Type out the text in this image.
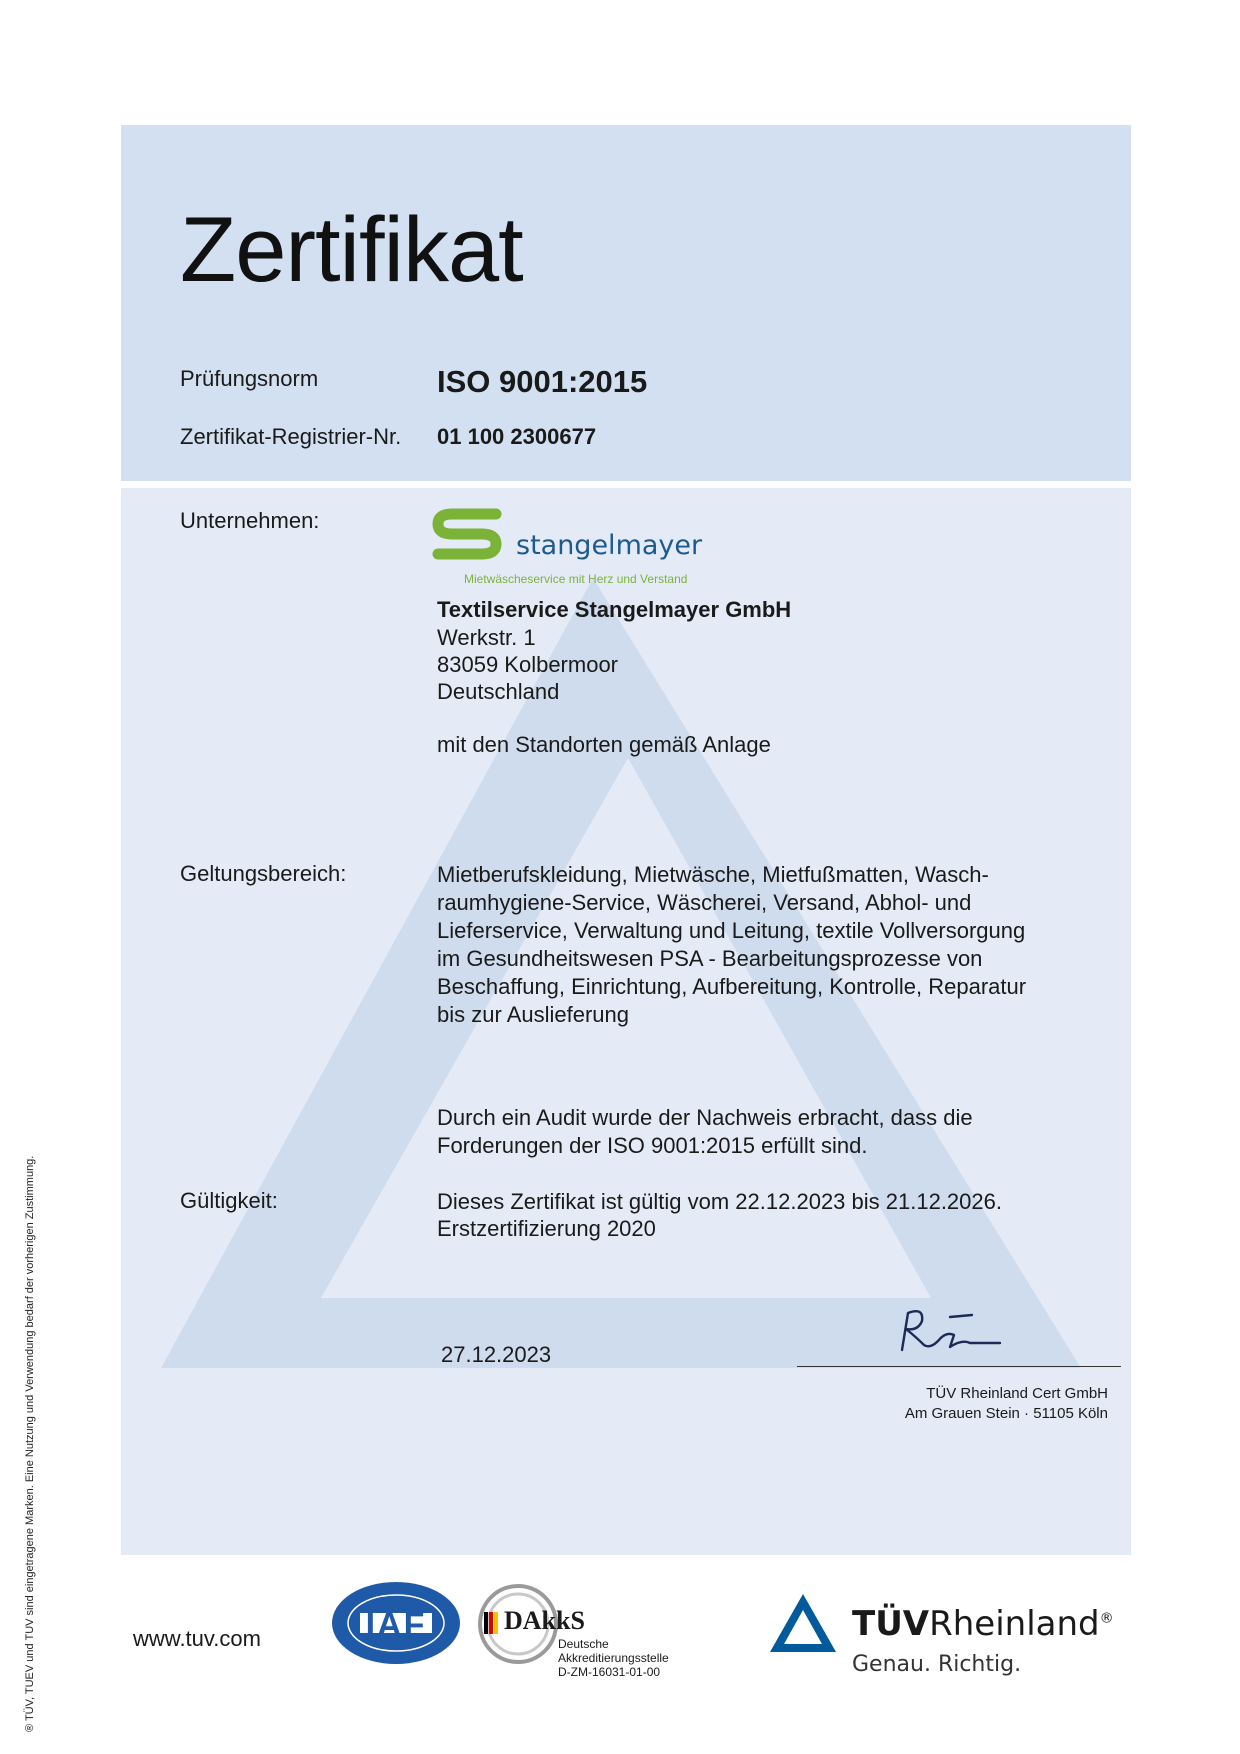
Zertifikat
Prüfungsnorm	ISO 9001:2015
Zertifikat-Registrier-Nr. 01 100 2300677
Unternehmen:
stangelmayer
Mietwäscheservice mit Herz und Verstand
Textilservice Stangelmayer GmbH
Werkstr. 1
83059 Kolbermoor
Deutschland
mit den Standorten gemäß Anlage
Geltungsbereich:	Mietberufskleidung, Mietwäsche, Mietfußmatten, Wasch-
raumhygiene-Service, Wäscherei, Versand, Abhol- und
Lieferservice, Verwaltung und Leitung, textile Vollversorgung
im Gesundheitswesen PSA - Bearbeitungsprozesse von
Beschaffung, Einrichtung, Aufbereitung, Kontrolle, Reparatur
bis zur Auslieferung
Durch ein Audit wurde der Nachweis erbracht, dass die
Forderungen der ISO 9001:2015 erfüllt sind.
Gültigkeit:	Dieses Zertifikat ist gültig vom 22.12.2023 bis 21.12.2026.
Erstzertifizierung 2020
27.12.2023
TÜV Rheinland Cert GmbH
Am Grauen Stein · 51105 Köln
www.tuv.com	IAF	DAkkS
Deutsche
Akkreditierungsstelle
D-ZM-16031-01-00
TÜVRheinland®
Genau. Richtig.
® TÜV, TUEV und TUV sind eingetragene Marken. Eine Nutzung und Verwendung bedarf der vorherigen Zustimmung.
